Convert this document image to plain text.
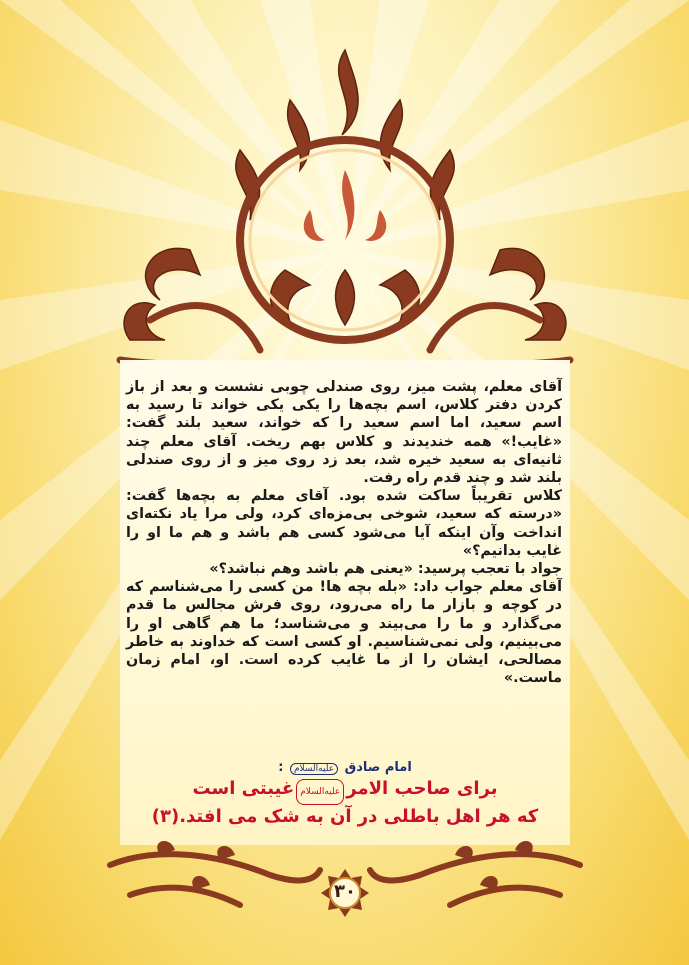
آقای معلم، پشت میز، روی صندلی چوبی نشست و بعد از باز کردن دفتر کلاس، اسم بچه‌ها را یکی یکی خواند تا رسید به اسم سعید، اما اسم سعید را که خواند، سعید بلند گفت: «غایب!» همه خندیدند و کلاس بهم ریخت. آقای معلم چند ثانیه‌ای به سعید خیره شد، بعد زد روی میز و از روی صندلی بلند شد و چند قدم راه رفت.

کلاس تقریباً ساکت شده بود. آقای معلم به بچه‌ها گفت: «درسته که سعید، شوخی بی‌مزه‌ای کرد، ولی مرا یاد نکته‌ای انداخت وآن اینکه آیا می‌شود کسی هم باشد و هم ما او را غایب بدانیم؟»

جواد با تعجب پرسید: «یعنی هم باشد وهم نباشد؟»

آقای معلم جواب داد: «بله بچه ها! من کسی را می‌شناسم که در کوچه و بازار ما راه می‌رود، روی فرش مجالس ما قدم می‌گذارد و ما را می‌بیند و می‌شناسد؛ ما هم گاهی او را می‌بینیم، ولی نمی‌شناسیم. او کسی است که خداوند به خاطر مصالحی، ایشان را از ما غایب کرده است. او، امام زمان ماست.»

امام صادق علیه‌السلام :
برای صاحب الامرعلیه‌السلامغیبتی است
که هر اهل باطلی در آن به شک می افتد.(۳)
۳۰
